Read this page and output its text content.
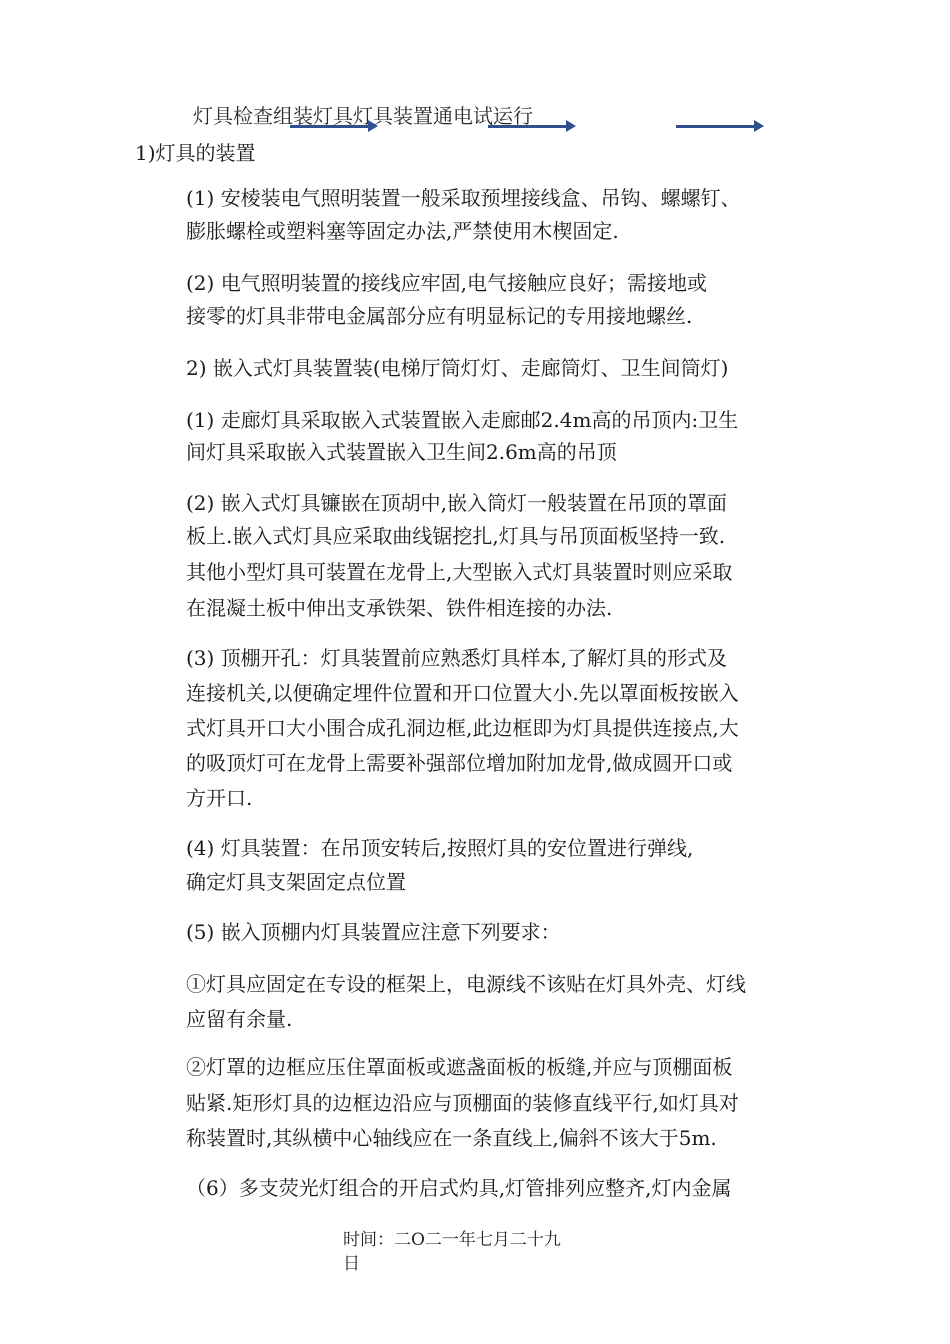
灯具检查组装灯具灯具装置通电试运行
1)灯具的装置
(1) 安棱装电气照明装置一般采取预埋接线盒、吊钩、螺螺钉、
膨胀螺栓或塑料塞等固定办法,严禁使用木楔固定.
(2) 电气照明装置的接线应牢固,电气接触应良好；需接地或
接零的灯具非带电金属部分应有明显标记的专用接地螺丝.
2) 嵌入式灯具装置装(电梯厅筒灯灯、走廊筒灯、卫生间筒灯)
(1) 走廊灯具采取嵌入式装置嵌入走廊邮2.4m高的吊顶内:卫生
间灯具采取嵌入式装置嵌入卫生间2.6m高的吊顶
(2) 嵌入式灯具镰嵌在顶胡中,嵌入筒灯一般装置在吊顶的罩面
板上.嵌入式灯具应采取曲线锯挖扎,灯具与吊顶面板坚持一致.
其他小型灯具可装置在龙骨上,大型嵌入式灯具装置时则应采取
在混凝土板中伸出支承铁架、铁件相连接的办法.
(3) 顶棚开孔：灯具装置前应熟悉灯具样本,了解灯具的形式及
连接机关,以便确定埋件位置和开口位置大小.先以罩面板按嵌入
式灯具开口大小围合成孔洞边框,此边框即为灯具提供连接点,大
的吸顶灯可在龙骨上需要补强部位增加附加龙骨,做成圆开口或
方开口.
(4) 灯具装置：在吊顶安转后,按照灯具的安位置进行弹线,
确定灯具支架固定点位置
(5) 嵌入顶棚内灯具装置应注意下列要求：
①灯具应固定在专设的框架上，电源线不该贴在灯具外壳、灯线
应留有余量.
②灯罩的边框应压住罩面板或遮盏面板的板缝,并应与顶棚面板
贴紧.矩形灯具的边框边沿应与顶棚面的装修直线平行,如灯具对
称装置时,其纵横中心轴线应在一条直线上,偏斜不该大于5m.
（6）多支荧光灯组合的开启式灼具,灯管排列应整齐,灯内金属
时间：二O二一年七月二十九
日
